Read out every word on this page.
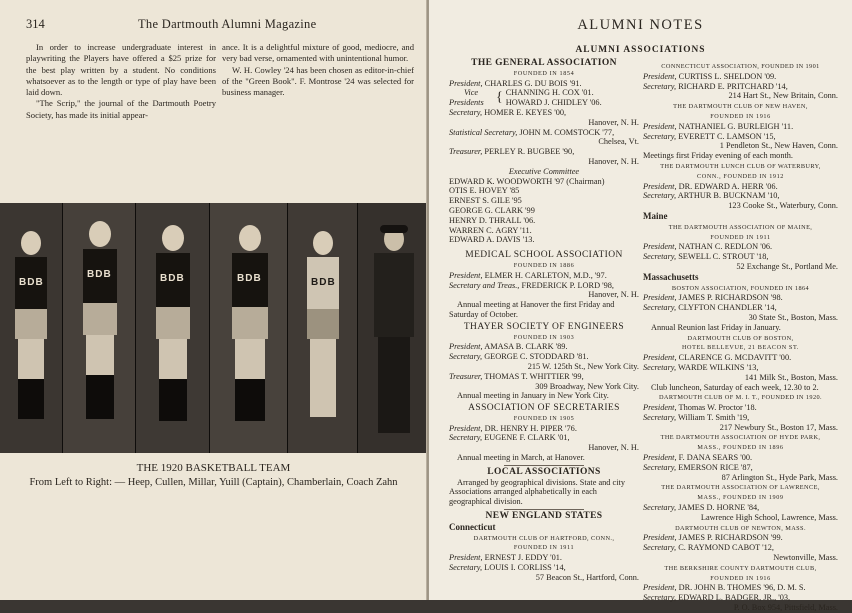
314	The Dartmouth Alumni Magazine

In order to increase undergraduate interest in playwriting the Players have offered a $25 prize for the best play written by a student. No conditions whatsoever as to the length or type of play have been laid down.

"The Scrip," the journal of the Dartmouth Poetry Society, has made its initial appear-

ance. It is a delightful mixture of good, mediocre, and very bad verse, ornamented with unintentional humor.

W. H. Cowley '24 has been chosen as editor-in-chief of the "Green Book". F. Montrose '24 was selected for business manager.

BDB
BDB	BDB	BDB	BDB
THE 1920 BASKETBALL TEAM
From Left to Right: — Heep, Cullen, Millar, Yuill (Captain), Chamberlain, Coach Zahn
ALUMNI NOTES
ALUMNI ASSOCIATIONS
THE GENERAL ASSOCIATION
FOUNDED IN 1854
President, CHARLES G. DU BOIS '91.
Vice
Presidents { CHANNING H. COX '01.
HOWARD J. CHIDLEY '06.
Secretary, HOMER E. KEYES '00,
Hanover, N. H.
Statistical Secretary, JOHN M. COMSTOCK '77,
Chelsea, Vt.
Treasurer, PERLEY R. BUGBEE '90,
Hanover, N. H.
Executive Committee
EDWARD K. WOODWORTH '97 (Chairman)
OTIS E. HOVEY '85
ERNEST S. GILE '95
GEORGE G. CLARK '99
HENRY D. THRALL '06.
WARREN C. AGRY '11.
EDWARD A. DAVIS '13.
MEDICAL SCHOOL ASSOCIATION
FOUNDED IN 1886
President, ELMER H. CARLETON, M.D., '97.
Secretary and Treas., FREDERICK P. LORD '98,
Hanover, N. H.
Annual meeting at Hanover the first Friday and Saturday of October.
THAYER SOCIETY OF ENGINEERS
FOUNDED IN 1903
President, AMASA B. CLARK '89.
Secretary, GEORGE C. STODDARD '81.
215 W. 125th St., New York City.
Treasurer, THOMAS T. WHITTIER '99,
309 Broadway, New York City.
Annual meeting in January in New York City.
ASSOCIATION OF SECRETARIES
FOUNDED IN 1905
President, DR. HENRY H. PIPER '76.
Secretary, EUGENE F. CLARK '01,
Hanover, N. H.
Annual meeting in March, at Hanover.
LOCAL ASSOCIATIONS
Arranged by geographical divisions. State and city Associations arranged alphabetically in each geographical division.
NEW ENGLAND STATES
Connecticut
DARTMOUTH CLUB OF HARTFORD, CONN.,
FOUNDED IN 1911
President, ERNEST J. EDDY '01.
Secretary, LOUIS I. CORLISS '14,
57 Beacon St., Hartford, Conn.
CONNECTICUT ASSOCIATION, FOUNDED IN 1901
President, CURTISS L. SHELDON '09.
Secretary, RICHARD E. PRITCHARD '14,
214 Hart St., New Britain, Conn.
THE DARTMOUTH CLUB OF NEW HAVEN,
FOUNDED IN 1916
President, NATHANIEL G. BURLEIGH '11.
Secretary, EVERETT C. LAMSON '15,
1 Pendleton St., New Haven, Conn.
Meetings first Friday evening of each month.
THE DARTMOUTH LUNCH CLUB OF WATERBURY,
CONN., FOUNDED IN 1912
President, DR. EDWARD A. HERR '06.
Secretary, ARTHUR B. BUCKNAM '10,
123 Cooke St., Waterbury, Conn.
Maine
THE DARTMOUTH ASSOCIATION OF MAINE,
FOUNDED IN 1911
President, NATHAN C. REDLON '06.
Secretary, SEWELL C. STROUT '18,
52 Exchange St., Portland Me.
Massachusetts
BOSTON ASSOCIATION, FOUNDED IN 1864
President, JAMES P. RICHARDSON '98.
Secretary, CLYFTON CHANDLER '14,
30 State St., Boston, Mass.
Annual Reunion last Friday in January.
DARTMOUTH CLUB OF BOSTON,
HOTEL BELLEVUE, 21 BEACON ST.
President, CLARENCE G. MCDAVITT '00.
Secretary, WARDE WILKINS '13,
141 Milk St., Boston, Mass.
Club luncheon, Saturday of each week, 12.30 to 2.
DARTMOUTH CLUB OF M. I. T., FOUNDED IN 1920.
President, Thomas W. Proctor '18.
Secretary, William T. Smith '19,
217 Newbury St., Boston 17, Mass.
THE DARTMOUTH ASSOCIATION OF HYDE PARK,
MASS., FOUNDED IN 1896
President, F. DANA SEARS '00.
Secretary, EMERSON RICE '87,
87 Arlington St., Hyde Park, Mass.
THE DARTMOUTH ASSOCIATION OF LAWRENCE,
MASS., FOUNDED IN 1909
Secretary, JAMES D. HORNE '84,
Lawrence High School, Lawrence, Mass.
DARTMOUTH CLUB OF NEWTON, MASS.
President, JAMES P. RICHARDSON '99.
Secretary, C. RAYMOND CABOT '12,
Newtonville, Mass.
THE BERKSHIRE COUNTY DARTMOUTH CLUB,
FOUNDED IN 1916
President, DR. JOHN B. THOMES '96, D. M. S.
Secretary, EDWARD L. BADGER, JR., '03,
P. O. Box 954, Pittsfield, Mass.
